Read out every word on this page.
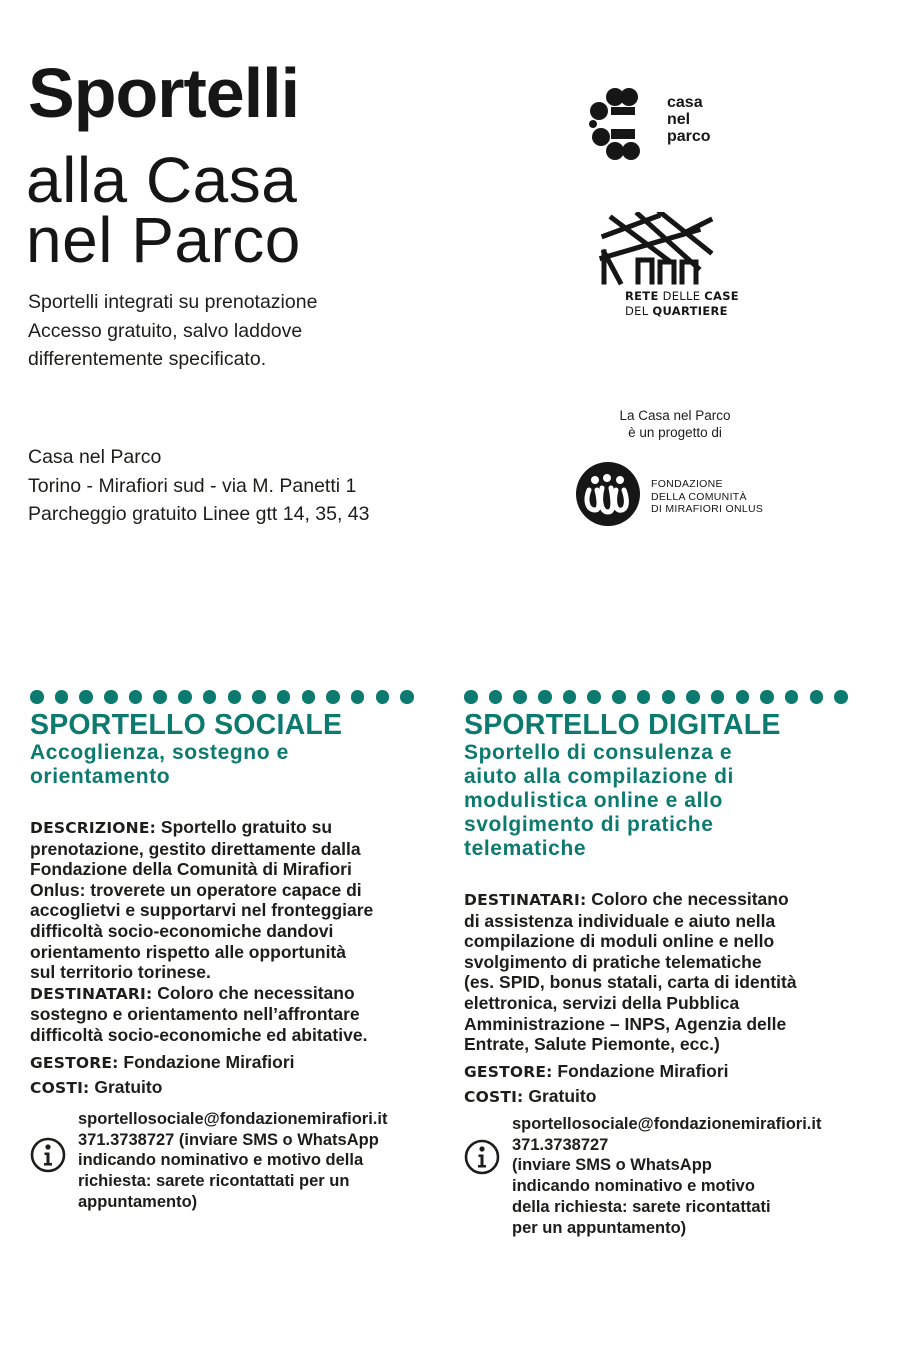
Sportelli
alla Casa
nel Parco
Sportelli integrati su prenotazione
Accesso gratuito, salvo laddove
differentemente specificato.
Casa nel Parco
Torino - Mirafiori sud - via M. Panetti 1
Parcheggio gratuito Linee gtt 14, 35, 43
casa
nel
parco
RETE DELLE CASE
DEL QUARTIERE
La Casa nel Parco
è un progetto di
FONDAZIONE
DELLA COMUNITÀ
DI MIRAFIORI ONLUS
SPORTELLO SOCIALE
Accoglienza, sostegno e
orientamento
DESCRIZIONE: Sportello gratuito su
prenotazione, gestito direttamente dalla
Fondazione della Comunità di Mirafiori
Onlus: troverete un operatore capace di
accoglietvi e supportarvi nel fronteggiare
difficoltà socio-economiche dandovi
orientamento rispetto alle opportunità
sul territorio torinese.
DESTINATARI: Coloro che necessitano
sostegno e orientamento nell’affrontare
difficoltà socio-economiche ed abitative.
GESTORE: Fondazione Mirafiori
COSTI: Gratuito
sportellosociale@fondazionemirafiori.it
371.3738727 (inviare SMS o WhatsApp
indicando nominativo e motivo della
richiesta: sarete ricontattati per un
appuntamento)
SPORTELLO DIGITALE
Sportello di consulenza e
aiuto alla compilazione di
modulistica online e allo
svolgimento di pratiche
telematiche
DESTINATARI: Coloro che necessitano
di assistenza individuale e aiuto nella
compilazione di moduli online e nello
svolgimento di pratiche telematiche
(es. SPID, bonus statali, carta di identità
elettronica, servizi della Pubblica
Amministrazione – INPS, Agenzia delle
Entrate, Salute Piemonte, ecc.)
GESTORE: Fondazione Mirafiori
COSTI: Gratuito
sportellosociale@fondazionemirafiori.it
371.3738727
(inviare SMS o WhatsApp
indicando nominativo e motivo
della richiesta: sarete ricontattati
per un appuntamento)
